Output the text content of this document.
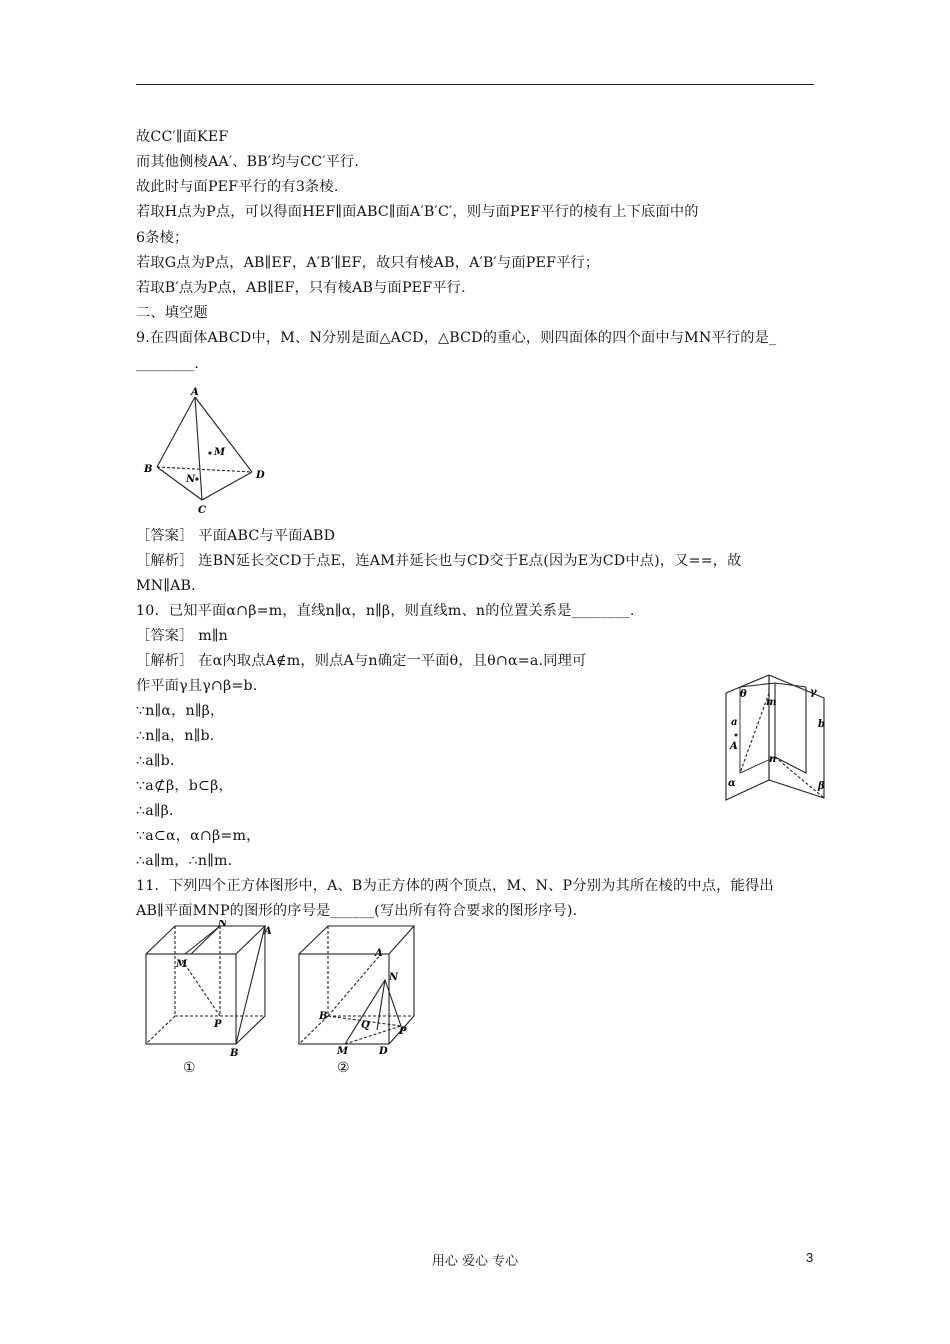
故CC′∥面KEF
而其他侧棱AA′、BB′均与CC′平行.
故此时与面PEF平行的有3条棱.
若取H点为P点，可以得面HEF∥面ABC∥面A′B′C′，则与面PEF平行的棱有上下底面中的
6条棱；
若取G点为P点，AB∥EF，A′B′∥EF，故只有棱AB，A′B′与面PEF平行；
若取B′点为P点，AB∥EF，只有棱AB与面PEF平行.
二、填空题
9.在四面体ABCD中，M、N分别是面△ACD，△BCD的重心，则四面体的四个面中与MN平行的是_
________.
A
B
C
D
M
N
［答案］ 平面ABC与平面ABD
［解析］ 连BN延长交CD于点E，连AM并延长也与CD交于E点(因为E为CD中点)，又==，故
MN∥AB.
10．已知平面α∩β=m，直线n∥α，n∥β，则直线m、n的位置关系是________.
［答案］ m∥n
［解析］ 在α内取点A∉m，则点A与n确定一平面θ，且θ∩α=a.同理可
作平面γ且γ∩β=b.
∵n∥α，n∥β，
∴n∥a，n∥b.
∴a∥b.
∵a⊄β，b⊂β，
∴a∥β.
∵a⊂α，α∩β=m，
∴a∥m，∴n∥m.
θ	γ
m
a
A
b
n
α	β
11．下列四个正方体图形中，A、B为正方体的两个顶点，M、N、P分别为其所在棱的中点，能得出
AB∥平面MNP的图形的序号是______(写出所有符合要求的图形序号).
N
M
A
P
B
①
A
N
B
Q
P
M	D
②
用心 爱心 专心	3
